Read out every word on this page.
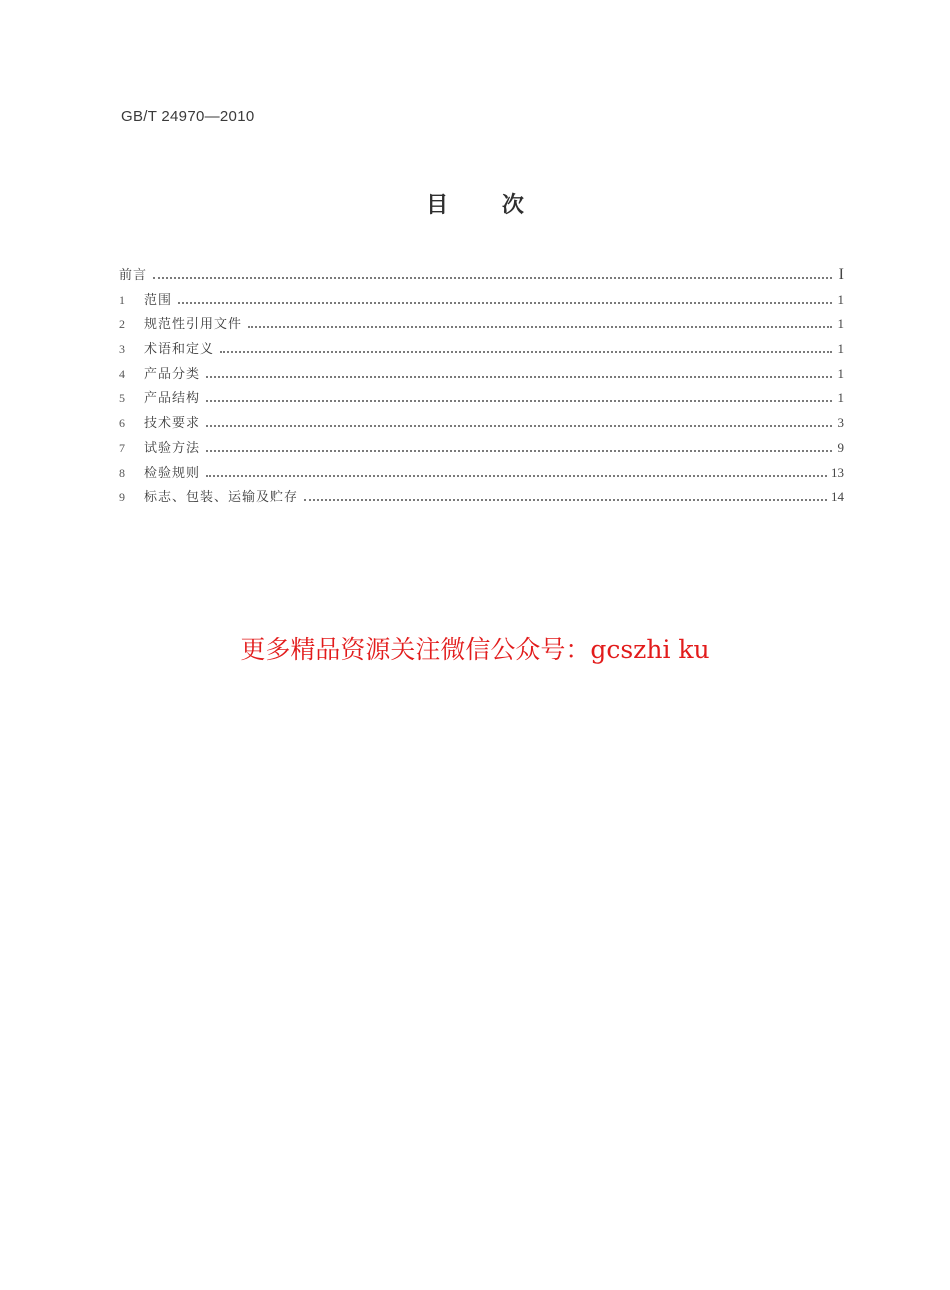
GB/T 24970—2010
目 次
前言	I
1	范围	1
2	规范性引用文件	1
3	术语和定义	1
4	产品分类	1
5	产品结构	1
6	技术要求	3
7	试验方法	9
8	检验规则	13
9	标志、包装、运输及贮存	14
更多精品资源关注微信公众号：gcszhi ku
